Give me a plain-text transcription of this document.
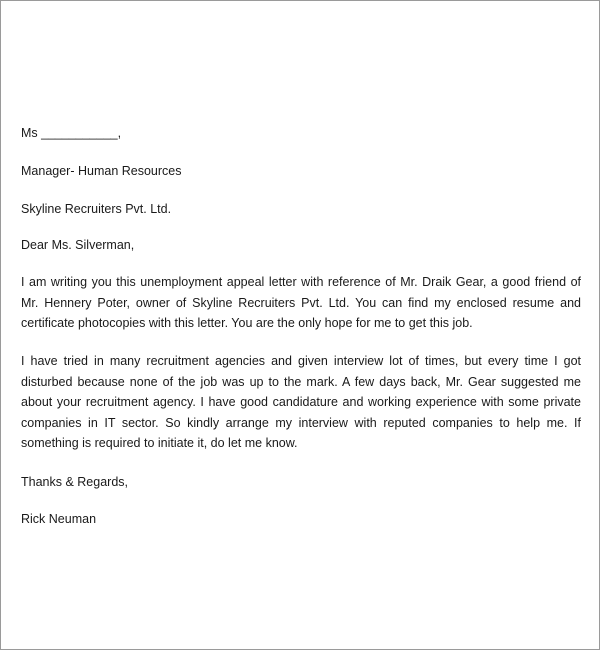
Ms ___________,
Manager- Human Resources
Skyline Recruiters Pvt. Ltd.
Dear Ms. Silverman,
I am writing you this unemployment appeal letter with reference of Mr. Draik Gear, a good friend of Mr. Hennery Poter, owner of Skyline Recruiters Pvt. Ltd. You can find my enclosed resume and certificate photocopies with this letter. You are the only hope for me to get this job.
I have tried in many recruitment agencies and given interview lot of times, but every time I got disturbed because none of the job was up to the mark. A few days back, Mr. Gear suggested me about your recruitment agency. I have good candidature and working experience with some private companies in IT sector. So kindly arrange my interview with reputed companies to help me. If something is required to initiate it, do let me know.
Thanks & Regards,
Rick Neuman
